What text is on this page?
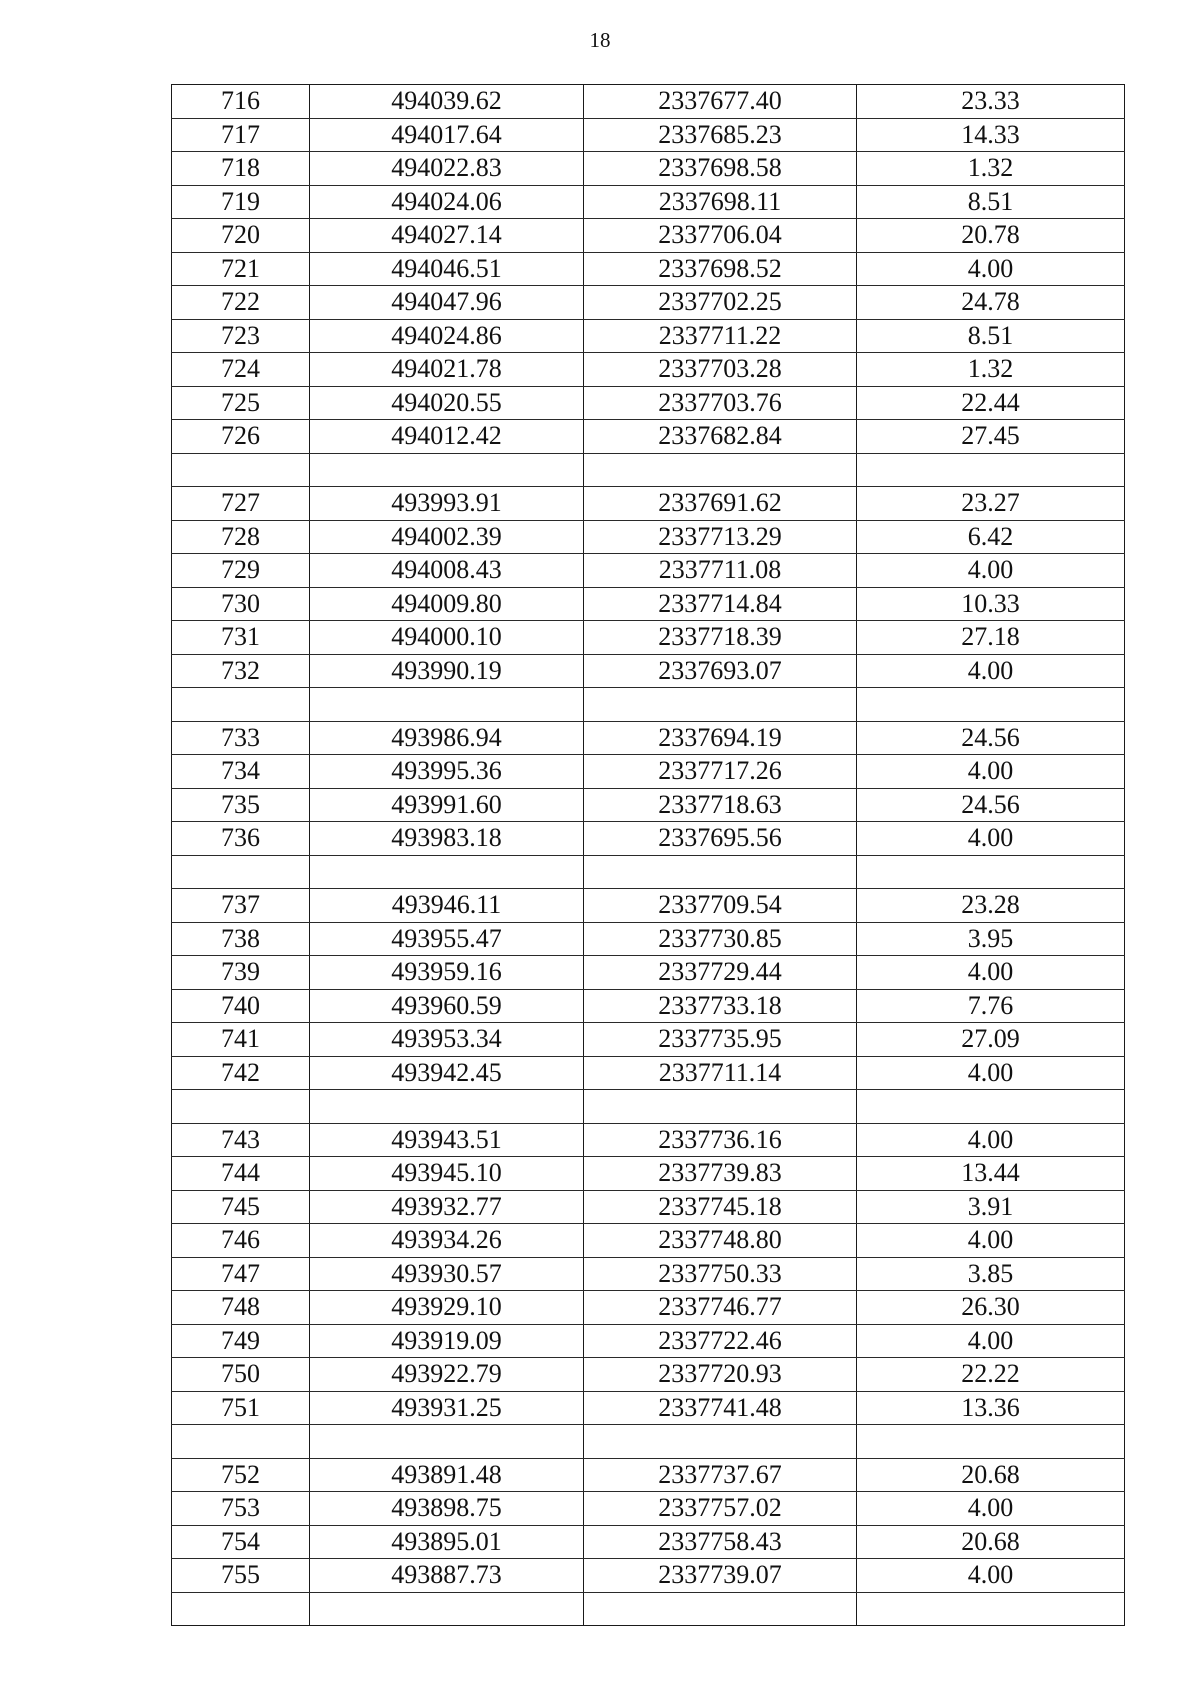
18
716	494039.62	2337677.40	23.33
717	494017.64	2337685.23	14.33
718	494022.83	2337698.58	1.32
719	494024.06	2337698.11	8.51
720	494027.14	2337706.04	20.78
721	494046.51	2337698.52	4.00
722	494047.96	2337702.25	24.78
723	494024.86	2337711.22	8.51
724	494021.78	2337703.28	1.32
725	494020.55	2337703.76	22.44
726	494012.42	2337682.84	27.45

727	493993.91	2337691.62	23.27
728	494002.39	2337713.29	6.42
729	494008.43	2337711.08	4.00
730	494009.80	2337714.84	10.33
731	494000.10	2337718.39	27.18
732	493990.19	2337693.07	4.00

733	493986.94	2337694.19	24.56
734	493995.36	2337717.26	4.00
735	493991.60	2337718.63	24.56
736	493983.18	2337695.56	4.00

737	493946.11	2337709.54	23.28
738	493955.47	2337730.85	3.95
739	493959.16	2337729.44	4.00
740	493960.59	2337733.18	7.76
741	493953.34	2337735.95	27.09
742	493942.45	2337711.14	4.00

743	493943.51	2337736.16	4.00
744	493945.10	2337739.83	13.44
745	493932.77	2337745.18	3.91
746	493934.26	2337748.80	4.00
747	493930.57	2337750.33	3.85
748	493929.10	2337746.77	26.30
749	493919.09	2337722.46	4.00
750	493922.79	2337720.93	22.22
751	493931.25	2337741.48	13.36

752	493891.48	2337737.67	20.68
753	493898.75	2337757.02	4.00
754	493895.01	2337758.43	20.68
755	493887.73	2337739.07	4.00
